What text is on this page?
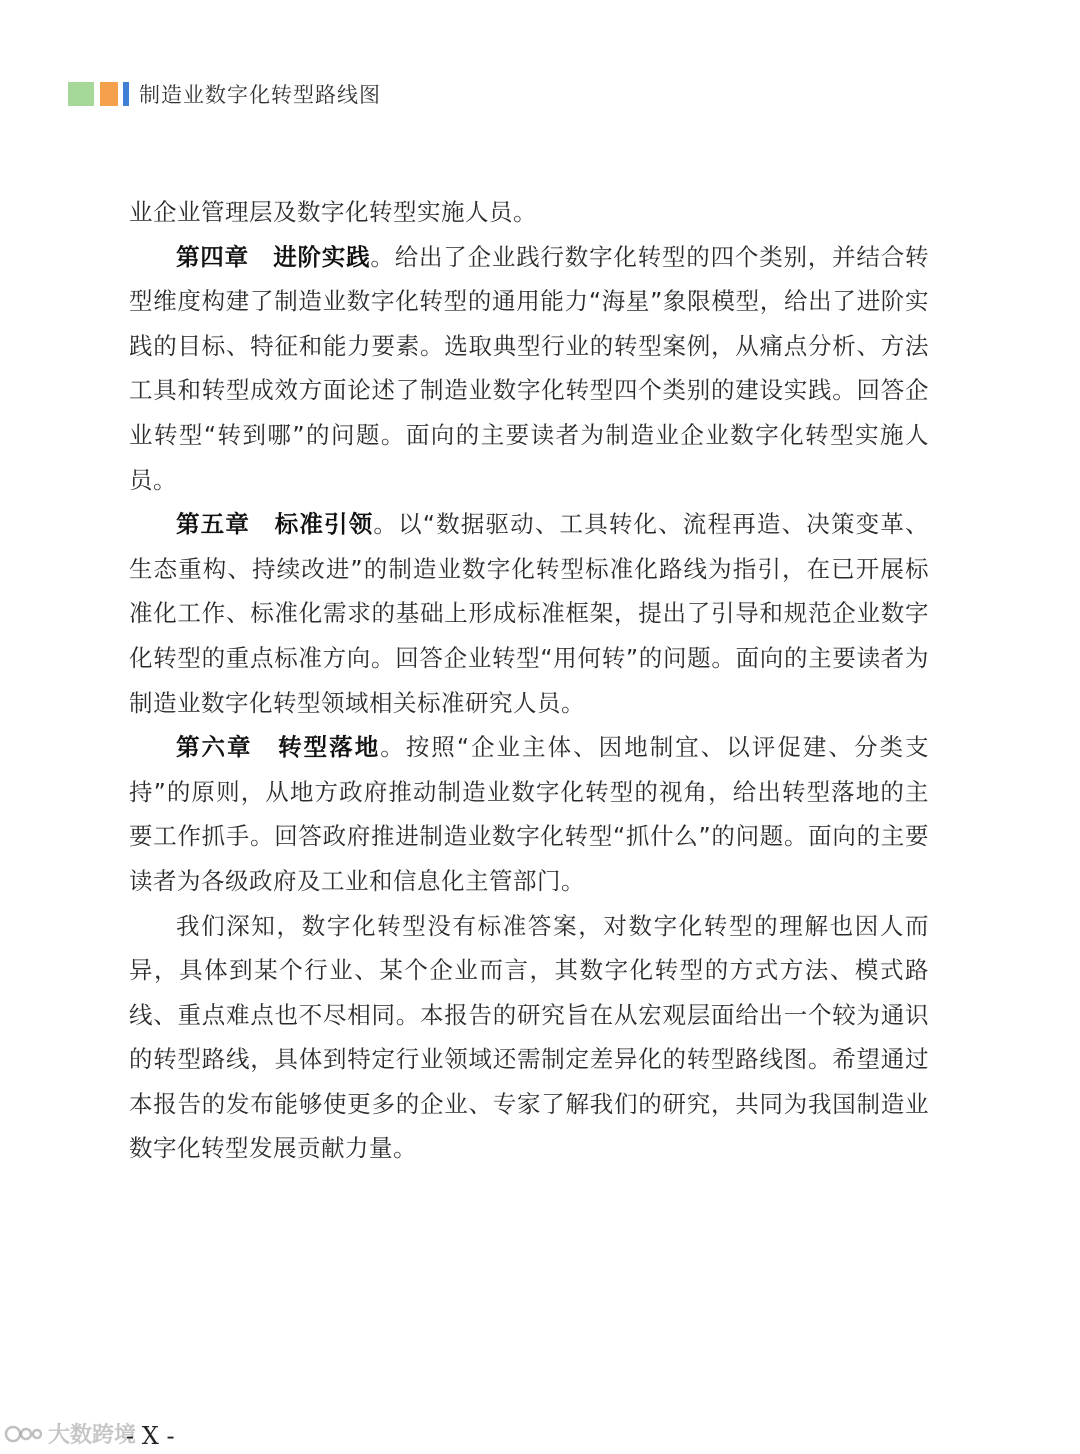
制造业数字化转型路线图

业企业管理层及数字化转型实施人员。

第四章　进阶实践。给出了企业践行数字化转型的四个类别，并结合转型维度构建了制造业数字化转型的通用能力“海星”象限模型，给出了进阶实践的目标、特征和能力要素。选取典型行业的转型案例，从痛点分析、方法工具和转型成效方面论述了制造业数字化转型四个类别的建设实践。回答企业转型“转到哪”的问题。面向的主要读者为制造业企业数字化转型实施人员。

第五章　标准引领。以“数据驱动、工具转化、流程再造、决策变革、生态重构、持续改进”的制造业数字化转型标准化路线为指引，在已开展标准化工作、标准化需求的基础上形成标准框架，提出了引导和规范企业数字化转型的重点标准方向。回答企业转型“用何转”的问题。面向的主要读者为制造业数字化转型领域相关标准研究人员。

第六章　转型落地。按照“企业主体、因地制宜、以评促建、分类支持”的原则，从地方政府推动制造业数字化转型的视角，给出转型落地的主要工作抓手。回答政府推进制造业数字化转型“抓什么”的问题。面向的主要读者为各级政府及工业和信息化主管部门。

我们深知，数字化转型没有标准答案，对数字化转型的理解也因人而异，具体到某个行业、某个企业而言，其数字化转型的方式方法、模式路线、重点难点也不尽相同。本报告的研究旨在从宏观层面给出一个较为通识的转型路线，具体到特定行业领域还需制定差异化的转型路线图。希望通过本报告的发布能够使更多的企业、专家了解我们的研究，共同为我国制造业数字化转型发展贡献力量。

大数跨境
- X -
